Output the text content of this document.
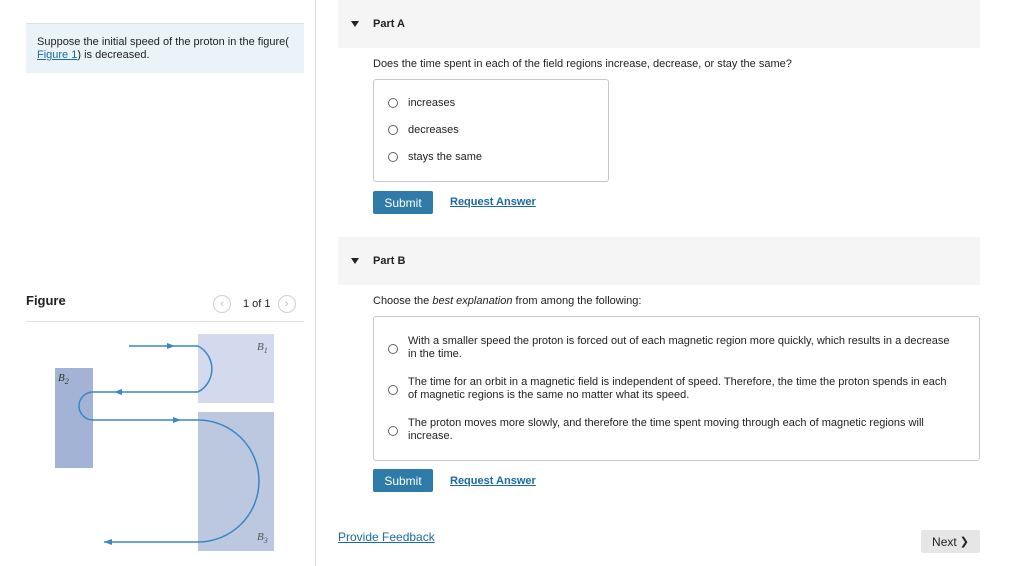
Suppose the initial speed of the proton in the figure(
Figure 1) is decreased.
Figure	‹	1 of 1	›
$B_1$
$B_2$
$B_3$
Part A
Does the time spent in each of the field regions increase, decrease, or stay the same?
increases
decreases
stays the same
Submit	Request Answer
Part B
Choose the best explanation from among the following:
With a smaller speed the proton is forced out of each magnetic region more quickly, which results in a decrease
in the time.
The time for an orbit in a magnetic field is independent of speed. Therefore, the time the proton spends in each
of magnetic regions is the same no matter what its speed.
The proton moves more slowly, and therefore the time spent moving through each of magnetic regions will
increase.
Submit	Request Answer
Provide Feedback	Next ❯
